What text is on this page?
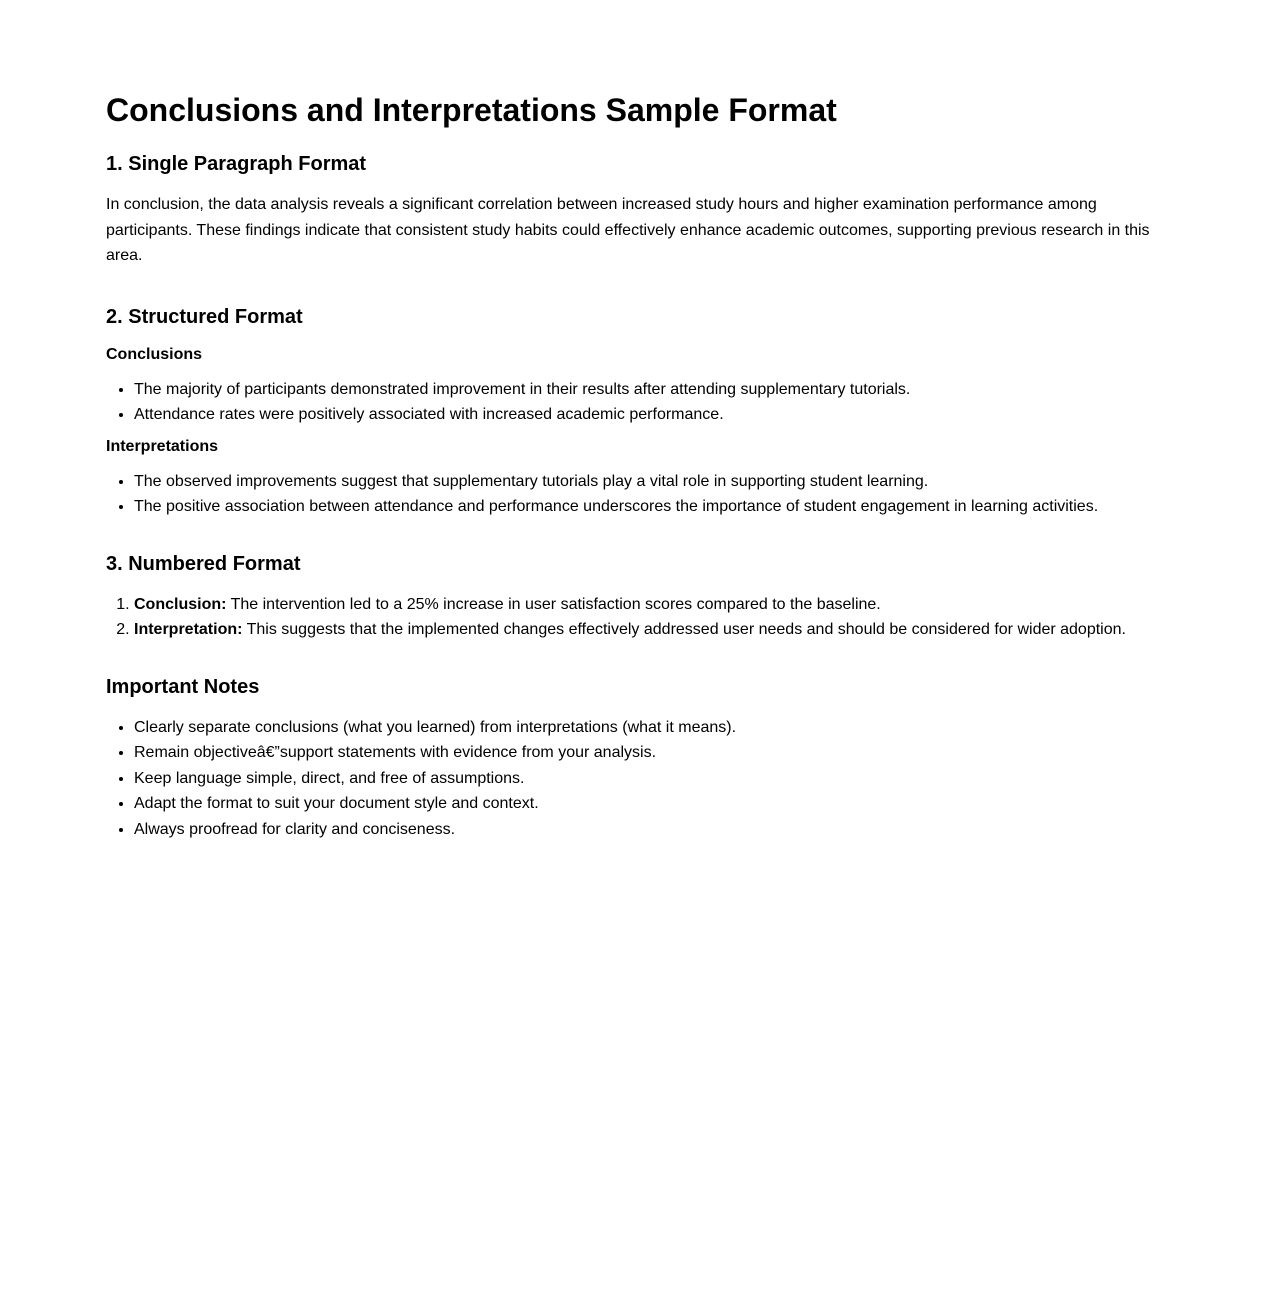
Conclusions and Interpretations Sample Format
1. Single Paragraph Format

In conclusion, the data analysis reveals a significant correlation between increased study hours and higher examination performance among participants. These findings indicate that consistent study habits could effectively enhance academic outcomes, supporting previous research in this area.

2. Structured Format
Conclusions
• The majority of participants demonstrated improvement in their results after attending supplementary tutorials.
• Attendance rates were positively associated with increased academic performance.
Interpretations
• The observed improvements suggest that supplementary tutorials play a vital role in supporting student learning.
• The positive association between attendance and performance underscores the importance of student engagement in learning activities.
3. Numbered Format
1. Conclusion: The intervention led to a 25% increase in user satisfaction scores compared to the baseline.
2. Interpretation: This suggests that the implemented changes effectively addressed user needs and should be considered for wider adoption.
Important Notes
• Clearly separate conclusions (what you learned) from interpretations (what it means).
• Remain objectiveâ€”support statements with evidence from your analysis.
• Keep language simple, direct, and free of assumptions.
• Adapt the format to suit your document style and context.
• Always proofread for clarity and conciseness.
